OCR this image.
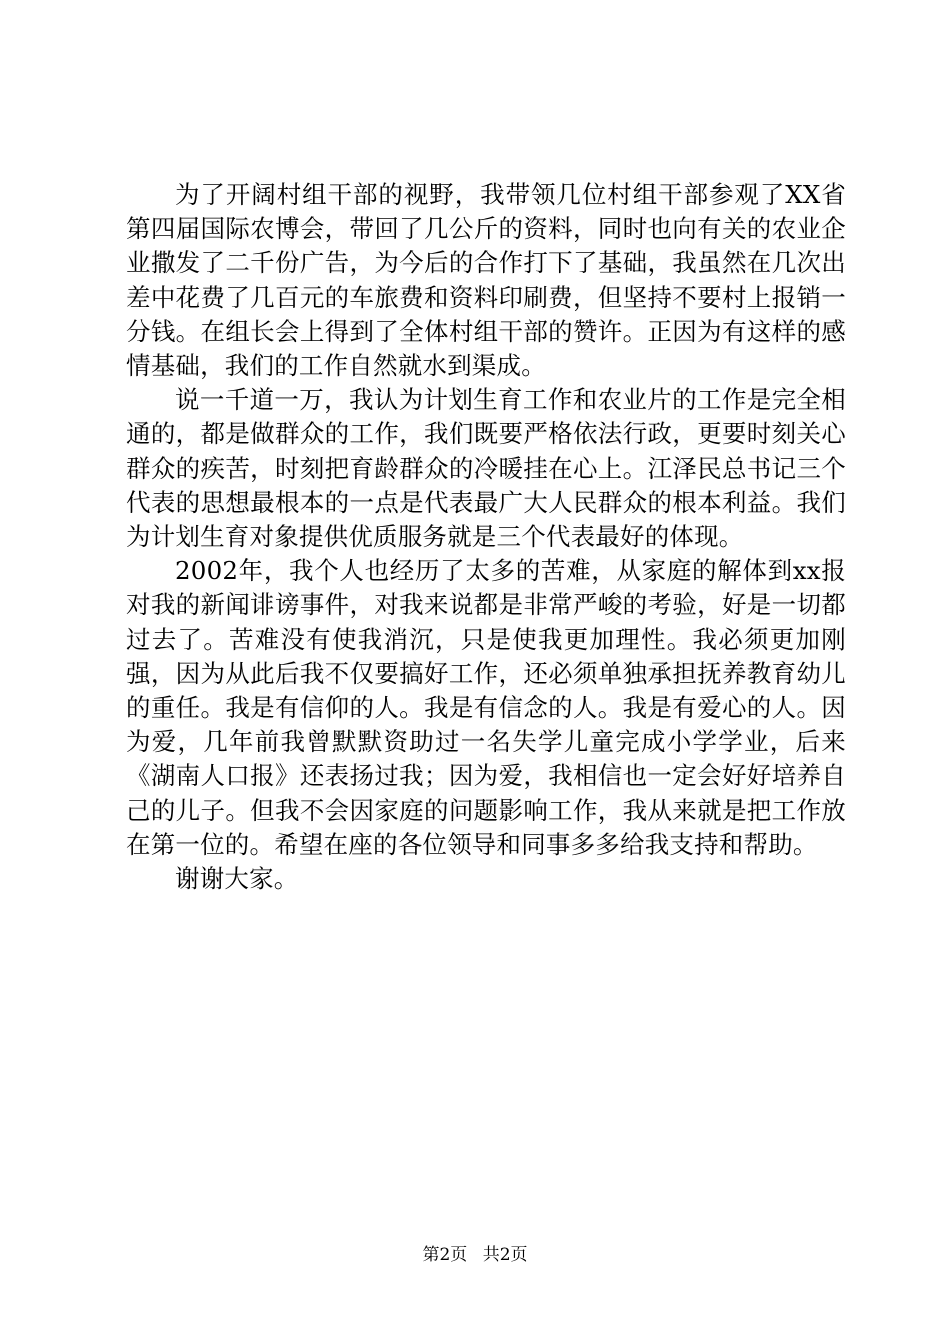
为了开阔村组干部的视野，我带领几位村组干部参观了XX省第四届国际农博会，带回了几公斤的资料，同时也向有关的农业企业撒发了二千份广告，为今后的合作打下了基础，我虽然在几次出差中花费了几百元的车旅费和资料印刷费，但坚持不要村上报销一分钱。在组长会上得到了全体村组干部的赞许。正因为有这样的感情基础，我们的工作自然就水到渠成。

说一千道一万，我认为计划生育工作和农业片的工作是完全相通的，都是做群众的工作，我们既要严格依法行政，更要时刻关心群众的疾苦，时刻把育龄群众的冷暖挂在心上。江泽民总书记三个代表的思想最根本的一点是代表最广大人民群众的根本利益。我们为计划生育对象提供优质服务就是三个代表最好的体现。

2002年，我个人也经历了太多的苦难，从家庭的解体到xx报对我的新闻诽谤事件，对我来说都是非常严峻的考验，好是一切都过去了。苦难没有使我消沉，只是使我更加理性。我必须更加刚强，因为从此后我不仅要搞好工作，还必须单独承担抚养教育幼儿的重任。我是有信仰的人。我是有信念的人。我是有爱心的人。因为爱，几年前我曾默默资助过一名失学儿童完成小学学业，后来《湖南人口报》还表扬过我；因为爱，我相信也一定会好好培养自己的儿子。但我不会因家庭的问题影响工作，我从来就是把工作放在第一位的。希望在座的各位领导和同事多多给我支持和帮助。

谢谢大家。

第2页 共2页
